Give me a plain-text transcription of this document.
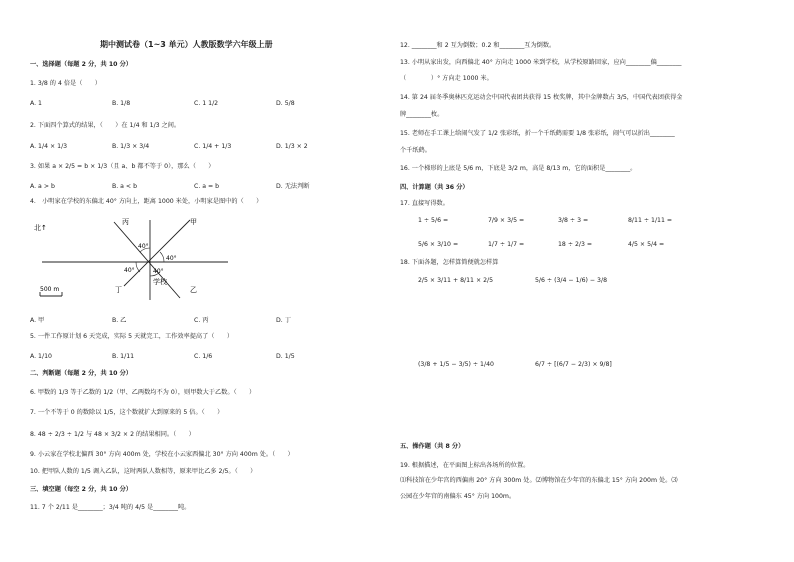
期中测试卷（1~3 单元）人教版数学六年级上册
一、选择题（每题 2 分，共 10 分）
1. 3/8 的 4 倍是（　　）
A. 1	B. 1/8	C. 1 1/2	D. 5/8
2. 下面四个算式的结果，（　　）在 1/4 和 1/3 之间。
A. 1/4 × 1/3	B. 1/3 × 3/4	C. 1/4 + 1/3	D. 1/3 × 2
3. 如果 a × 2/5 = b × 1/3（且 a、b 都不等于 0），那么（　　）
A. a > b	B. a < b	C. a = b	D. 无法判断
4.　小明家在学校的东偏北 40° 方向上，距离 1000 米处，小明家是图中的（　　）
北↑
丙	甲
丁	乙
学校
40°
40°
40°	40°
500 m
A. 甲	B. 乙	C. 丙	D. 丁
5. 一件工作原计划 6 天完成，实际 5 天就完工，工作效率提高了（　　）
A. 1/10	B. 1/11	C. 1/6	D. 1/5
二、判断题（每题 2 分，共 10 分）
6. 甲数的 1/3 等于乙数的 1/2（甲、乙两数均不为 0），则甲数大于乙数。（　　）
7. 一个不等于 0 的数除以 1/5，这个数就扩大到原来的 5 倍。（　　）
8. 48 ÷ 2/3 ÷ 1/2 与 48 × 3/2 × 2 的结果相同。（　　）
9. 小云家在学校北偏西 30° 方向 400m 处，学校在小云家西偏北 30° 方向 400m 处。（　　）
10. 把甲队人数的 1/5 调入乙队，这时两队人数相等，原来甲比乙多 2/5。（　　）
三、填空题（每空 2 分，共 10 分）
11. 7 个 2/11 是________；3/4 吨的 4/5 是________吨。
12. ________和 2 互为倒数；0.2 和________互为倒数。
13. 小明从家出发，向西偏北 40° 方向走 1000 米到学校，从学校原路回家，应向________偏________
（　　　　）° 方向走 1000 米。
14. 第 24 届冬季奥林匹克运动会中国代表团共获得 15 枚奖牌，其中金牌数占 3/5，中国代表团获得金
牌________枚。
15. 老师在手工课上给闹气发了 1/2 张彩纸，折一个千纸鹤需要 1/8 张彩纸，闹气可以折出________
个千纸鹤。
16. 一个梯形的上底是 5/6 m，下底是 3/2 m，高是 8/13 m，它的面积是________。
四、计算题（共 36 分）
17. 直接写得数。
1 ÷ 5/6 =	7/9 × 3/5 =	3/8 ÷ 3 =	8/11 ÷ 1/11 =
5/6 × 3/10 =	1/7 ÷ 1/7 =	18 ÷ 2/3 =	4/5 × 5/4 =
18. 下面各题，怎样算简便就怎样算
2/5 × 3/11 + 8/11 × 2/5	5/6 ÷ (3/4 − 1/6) − 3/8
(3/8 + 1/5 − 3/5) ÷ 1/40	6/7 ÷ [(6/7 − 2/3) × 9/8]
五、操作题（共 8 分）
19. 根据描述，在平面图上标出各场所的位置。
⑴科技馆在少年宫的西偏南 20° 方向 300m 处。⑵博物馆在少年宫的东偏北 15° 方向 200m 处。⑶
公园在少年宫的南偏东 45° 方向 100m。
